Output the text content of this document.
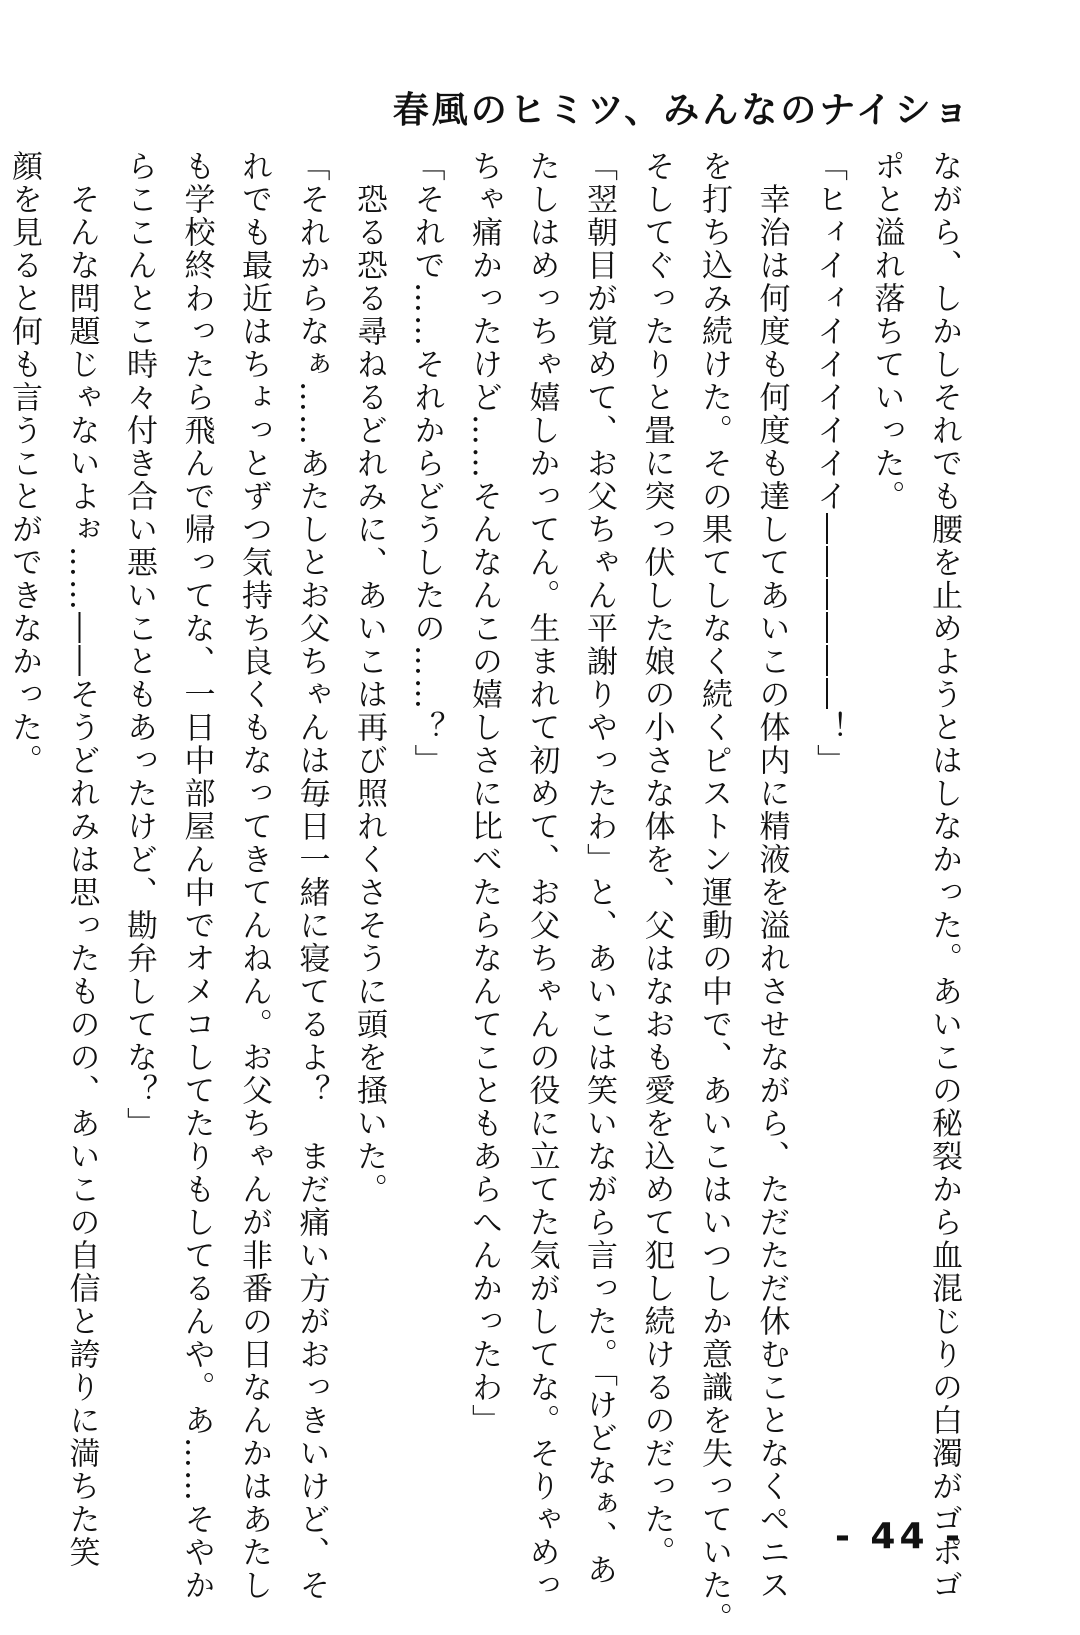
春風のヒミツ、みんなのナイショ
ながら、しかしそれでも腰を止めようとはしなかった。あいこの秘裂から血混じりの白濁がゴポゴ
ポと溢れ落ちていった。
「ヒィイィイイイイイイ――――――！」
　幸治は何度も何度も達してあいこの体内に精液を溢れさせながら、ただただ休むことなくペニス
を打ち込み続けた。その果てしなく続くピストン運動の中で、あいこはいつしか意識を失っていた。
そしてぐったりと畳に突っ伏した娘の小さな体を、父はなおも愛を込めて犯し続けるのだった。
「翌朝目が覚めて、お父ちゃん平謝りやったわ」と、あいこは笑いながら言った。「けどなぁ、あ
たしはめっちゃ嬉しかってん。生まれて初めて、お父ちゃんの役に立てた気がしてな。そりゃめっ
ちゃ痛かったけど……そんなんこの嬉しさに比べたらなんてこともあらへんかったわ」
「それで……それからどうしたの……？」
　恐る恐る尋ねるどれみに、あいこは再び照れくさそうに頭を掻いた。
「それからなぁ……あたしとお父ちゃんは毎日一緒に寝てるよ？　まだ痛い方がおっきいけど、そ
れでも最近はちょっとずつ気持ち良くもなってきてんねん。お父ちゃんが非番の日なんかはあたし
も学校終わったら飛んで帰ってな、一日中部屋ん中でオメコしてたりもしてるんや。あ……そやか
らここんとこ時々付き合い悪いこともあったけど、勘弁してな？」
　そんな問題じゃないよぉ……――そうどれみは思ったものの、あいこの自信と誇りに満ちた笑
顔を見ると何も言うことができなかった。
- 44 -
